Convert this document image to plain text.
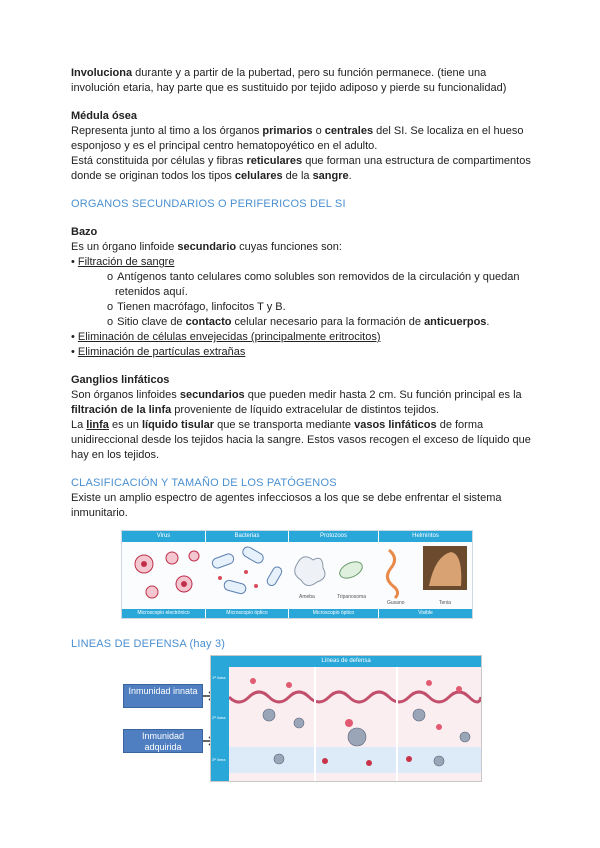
Involuciona durante y a partir de la pubertad, pero su función permanece. (tiene una involución etaria, hay parte que es sustituido por tejido adiposo y pierde su funcionalidad)

Médula ósea

Representa junto al timo a los órganos primarios o centrales del SI. Se localiza en el hueso esponjoso y es el principal centro hematopoyético en el adulto.

Está constituida por células y fibras reticulares que forman una estructura de compartimentos donde se originan todos los tipos celulares de la sangre.

ORGANOS SECUNDARIOS O PERIFERICOS DEL SI

Bazo

Es un órgano linfoide secundario cuyas funciones son:

• Filtración de sangre
o Antígenos tanto celulares como solubles son removidos de la circulación y quedan retenidos aquí.
o Tienen macrófago, linfocitos T y B.
o Sitio clave de contacto celular necesario para la formación de anticuerpos.
• Eliminación de células envejecidas (principalmente eritrocitos)
• Eliminación de partículas extrañas
Ganglios linfáticos

Son órganos linfoides secundarios que pueden medir hasta 2 cm. Su función principal es la filtración de la linfa proveniente de líquido extracelular de distintos tejidos.

La linfa es un líquido tisular que se transporta mediante vasos linfáticos de forma unidireccional desde los tejidos hacia la sangre. Estos vasos recogen el exceso de líquido que hay en los tejidos.

CLASIFICACIÓN Y TAMAÑO DE LOS PATÓGENOS

Existe un amplio espectro de agentes infecciosos a los que se debe enfrentar el sistema inmunitario.

Virus
Microscopio electrónico
Bacterias
Microscopio óptico
Protozoos
Ameba	Tripanosoma
Microscopio óptico
Helmintos
Gusano	Tenia
Visible

LINEAS DE DEFENSA (hay 3)

Inmunidad innata
Inmunidad adquirida
Líneas de defensa
1ª línea
2ª línea
3ª línea
